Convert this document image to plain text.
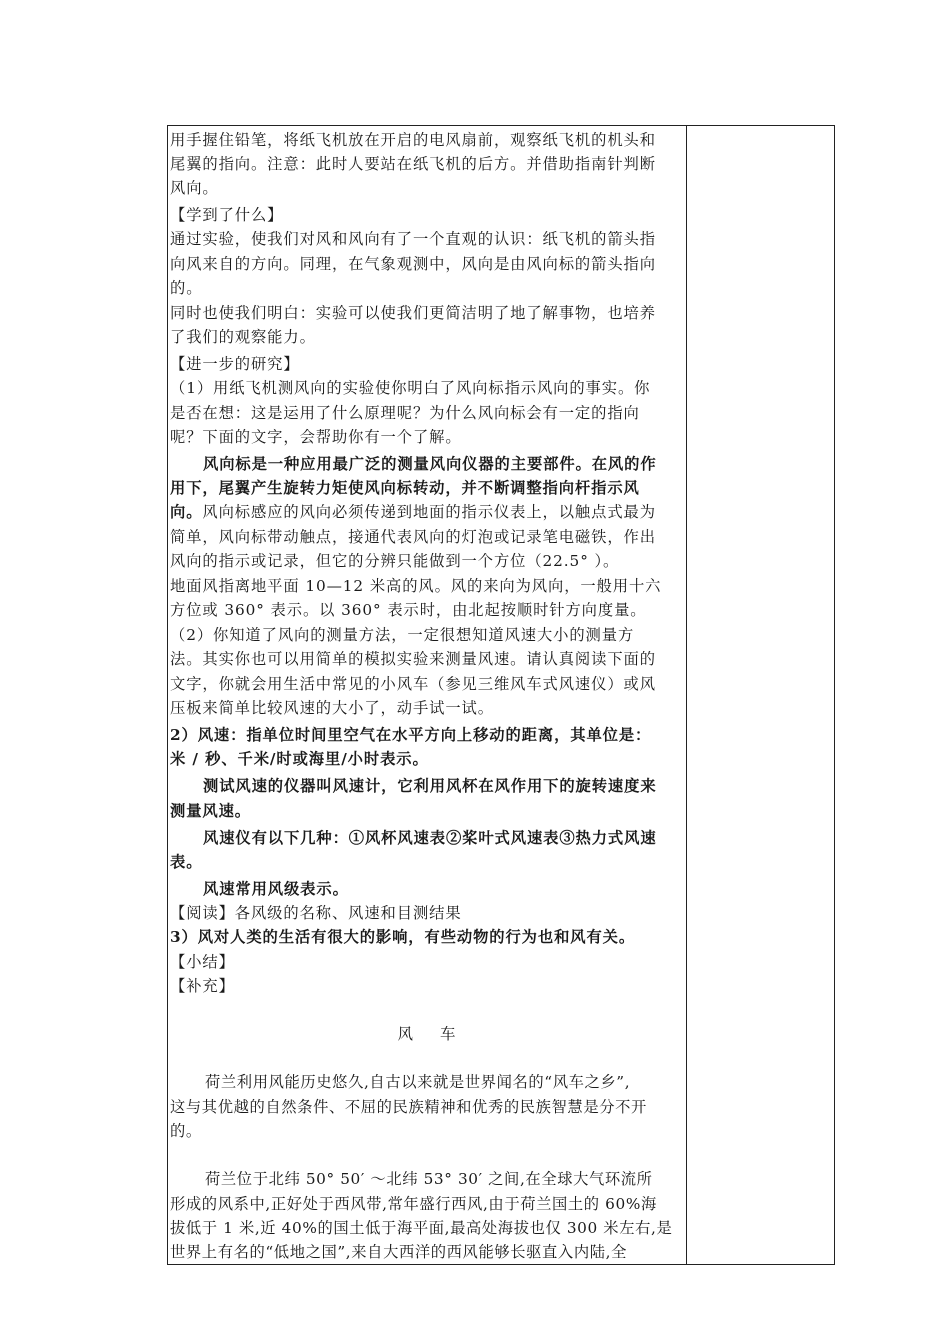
用手握住铅笔，将纸飞机放在开启的电风扇前，观察纸飞机的机头和
尾翼的指向。注意：此时人要站在纸飞机的后方。并借助指南针判断
风向。
【学到了什么】
通过实验，使我们对风和风向有了一个直观的认识：纸飞机的箭头指
向风来自的方向。同理，在气象观测中，风向是由风向标的箭头指向
的。
同时也使我们明白：实验可以使我们更简洁明了地了解事物，也培养
了我们的观察能力。
【进一步的研究】
（1）用纸飞机测风向的实验使你明白了风向标指示风向的事实。你
是否在想：这是运用了什么原理呢？为什么风向标会有一定的指向
呢？下面的文字，会帮助你有一个了解。
风向标是一种应用最广泛的测量风向仪器的主要部件。在风的作
用下，尾翼产生旋转力矩使风向标转动，并不断调整指向杆指示风
向。风向标感应的风向必须传递到地面的指示仪表上，以触点式最为
简单，风向标带动触点，接通代表风向的灯泡或记录笔电磁铁，作出
风向的指示或记录，但它的分辨只能做到一个方位（22.5° ）。
地面风指离地平面 10—12 米高的风。风的来向为风向，一般用十六
方位或 360° 表示。以 360° 表示时，由北起按顺时针方向度量。
（2）你知道了风向的测量方法，一定很想知道风速大小的测量方
法。其实你也可以用简单的模拟实验来测量风速。请认真阅读下面的
文字，你就会用生活中常见的小风车（参见三维风车式风速仪）或风
压板来简单比较风速的大小了，动手试一试。
2）风速：指单位时间里空气在水平方向上移动的距离，其单位是：
米 / 秒、千米/时或海里/小时表示。
测试风速的仪器叫风速计，它利用风杯在风作用下的旋转速度来
测量风速。
风速仪有以下几种：①风杯风速表②桨叶式风速表③热力式风速
表。
风速常用风级表示。
【阅读】各风级的名称、风速和目测结果
3）风对人类的生活有很大的影响，有些动物的行为也和风有关。
【小结】
【补充】
风 车
荷兰利用风能历史悠久,自古以来就是世界闻名的“风车之乡”,
这与其优越的自然条件、不屈的民族精神和优秀的民族智慧是分不开
的。
荷兰位于北纬 50° 50′ ～北纬 53° 30′ 之间,在全球大气环流所
形成的风系中,正好处于西风带,常年盛行西风,由于荷兰国土的 60%海
拔低于 1 米,近 40%的国土低于海平面,最高处海拔也仅 300 米左右,是
世界上有名的“低地之国”,来自大西洋的西风能够长驱直入内陆,全
